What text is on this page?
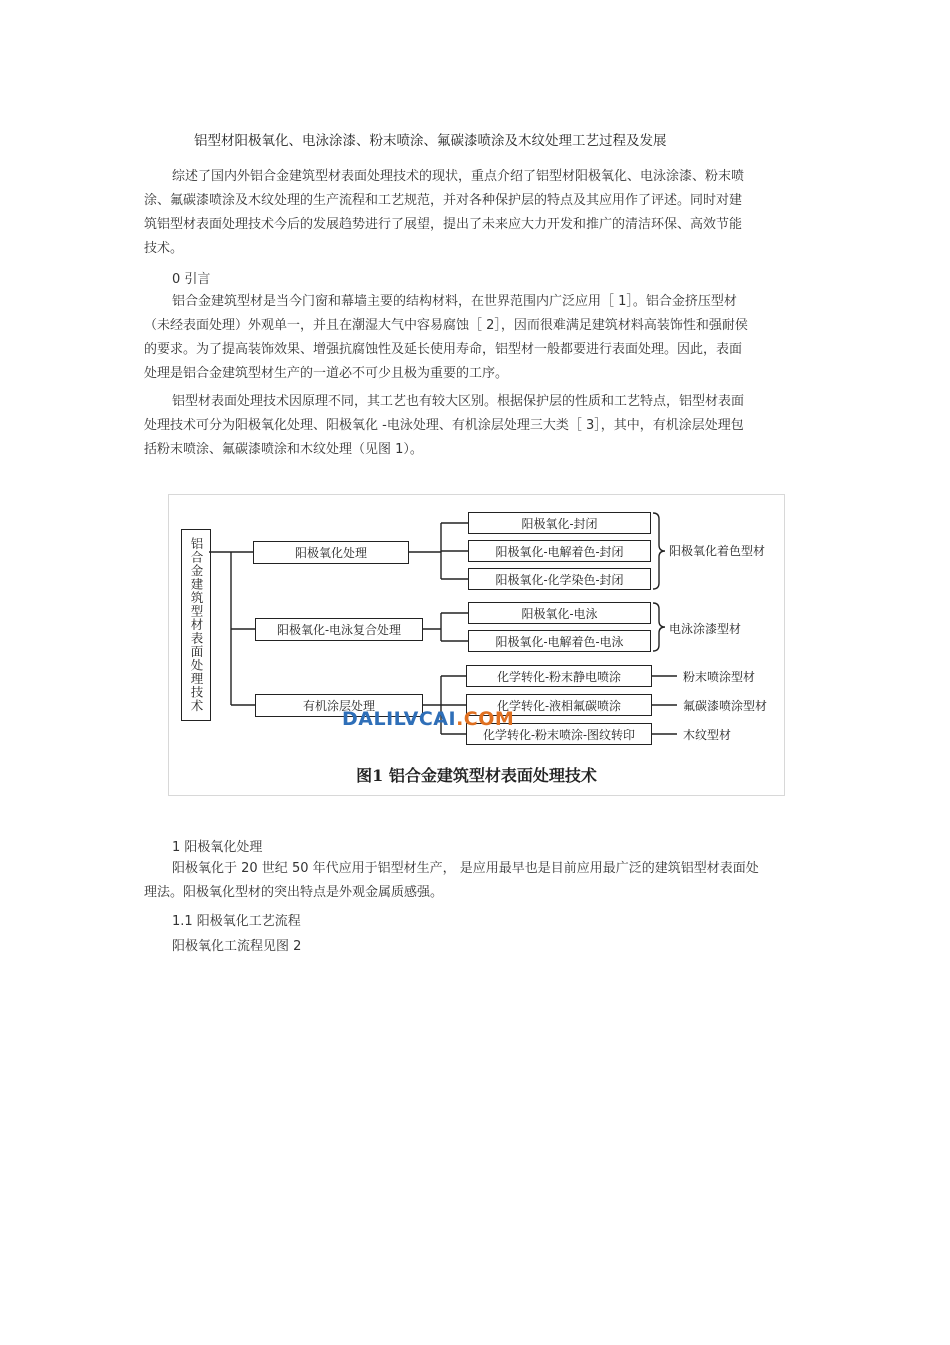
铝型材阳极氧化、电泳涂漆、粉末喷涂、氟碳漆喷涂及木纹处理工艺过程及发展
综述了国内外铝合金建筑型材表面处理技术的现状，重点介绍了铝型材阳极氧化、电泳涂漆、粉末喷
涂、氟碳漆喷涂及木纹处理的生产流程和工艺规范，并对各种保护层的特点及其应用作了评述。同时对建
筑铝型材表面处理技术今后的发展趋势进行了展望，提出了未来应大力开发和推广的清洁环保、高效节能
技术。
0 引言
铝合金建筑型材是当今门窗和幕墙主要的结构材料，在世界范围内广泛应用［ 1］。铝合金挤压型材
（未经表面处理）外观单一，并且在潮湿大气中容易腐蚀［ 2］，因而很难满足建筑材料高装饰性和强耐侯
的要求。为了提高装饰效果、增强抗腐蚀性及延长使用寿命，铝型材一般都要进行表面处理。因此，表面
处理是铝合金建筑型材生产的一道必不可少且极为重要的工序。
铝型材表面处理技术因原理不同，其工艺也有较大区别。根据保护层的性质和工艺特点，铝型材表面
处理技术可分为阳极氧化处理、阳极氧化 -电泳处理、有机涂层处理三大类［ 3］，其中，有机涂层处理包
括粉末喷涂、氟碳漆喷涂和木纹处理（见图 1）。
铝合金建筑型材表面处理技术	阳极氧化处理
阳极氧化-电泳复合处理
有机涂层处理
阳极氧化-封闭
阳极氧化-电解着色-封闭
阳极氧化-化学染色-封闭
阳极氧化-电泳
阳极氧化-电解着色-电泳
化学转化-粉末静电喷涂
化学转化-液相氟碳喷涂
化学转化-粉末喷涂-图纹转印
阳极氧化着色型材
电泳涂漆型材
粉末喷涂型材
氟碳漆喷涂型材
木纹型材
DALILVCAI.COM
图1 铝合金建筑型材表面处理技术
1 阳极氧化处理
阳极氧化于 20 世纪 50 年代应用于铝型材生产， 是应用最早也是目前应用最广泛的建筑铝型材表面处
理法。阳极氧化型材的突出特点是外观金属质感强。
1.1 阳极氧化工艺流程
阳极氧化工流程见图 2
